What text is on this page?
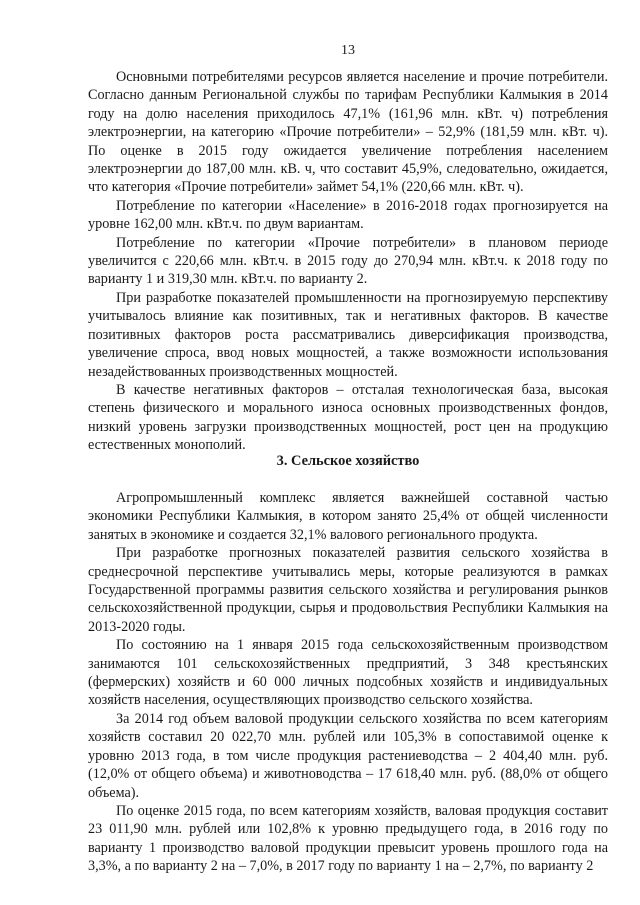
13

Основными потребителями ресурсов является население и прочие потребители. Согласно данным Региональной службы по тарифам Республики Калмыкия в 2014 году на долю населения приходилось 47,1% (161,96 млн. кВт. ч) потребления электроэнергии, на категорию «Прочие потребители» – 52,9% (181,59 млн. кВт. ч). По оценке в 2015 году ожидается увеличение потребления населением электроэнергии до 187,00 млн. кВ. ч, что составит 45,9%, следовательно, ожидается, что категория «Прочие потребители» займет 54,1% (220,66 млн. кВт. ч).

Потребление по категории «Население» в 2016-2018 годах прогнозируется на уровне 162,00 млн. кВт.ч. по двум вариантам.

Потребление по категории «Прочие потребители» в плановом периоде увеличится с 220,66 млн. кВт.ч. в 2015 году до 270,94 млн. кВт.ч. к 2018 году по варианту 1 и 319,30 млн. кВт.ч. по варианту 2.

При разработке показателей промышленности на прогнозируемую перспективу учитывалось влияние как позитивных, так и негативных факторов. В качестве позитивных факторов роста рассматривались диверсификация производства, увеличение спроса, ввод новых мощностей, а также возможности использования незадействованных производственных мощностей.

В качестве негативных факторов – отсталая технологическая база, высокая степень физического и морального износа основных производственных фондов, низкий уровень загрузки производственных мощностей, рост цен на продукцию естественных монополий.

3. Сельское хозяйство

Агропромышленный комплекс является важнейшей составной частью экономики Республики Калмыкия, в котором занято 25,4% от общей численности занятых в экономике и создается 32,1% валового регионального продукта.

При разработке прогнозных показателей развития сельского хозяйства в среднесрочной перспективе учитывались меры, которые реализуются в рамках Государственной программы развития сельского хозяйства и регулирования рынков сельскохозяйственной продукции, сырья и продовольствия Республики Калмыкия на 2013-2020 годы.

По состоянию на 1 января 2015 года сельскохозяйственным производством занимаются 101 сельскохозяйственных предприятий, 3 348 крестьянских (фермерских) хозяйств и 60 000 личных подсобных хозяйств и индивидуальных хозяйств населения, осуществляющих производство сельского хозяйства.

За 2014 год объем валовой продукции сельского хозяйства по всем категориям хозяйств составил 20 022,70 млн. рублей или 105,3% в сопоставимой оценке к уровню 2013 года, в том числе продукция растениеводства – 2 404,40 млн. руб. (12,0% от общего объема) и животноводства – 17 618,40 млн. руб. (88,0% от общего объема).

По оценке 2015 года, по всем категориям хозяйств, валовая продукция составит 23 011,90 млн. рублей или 102,8% к уровню предыдущего года, в 2016 году по варианту 1 производство валовой продукции превысит уровень прошлого года на 3,3%, а по варианту 2 на – 7,0%, в 2017 году по варианту 1 на – 2,7%, по варианту 2
